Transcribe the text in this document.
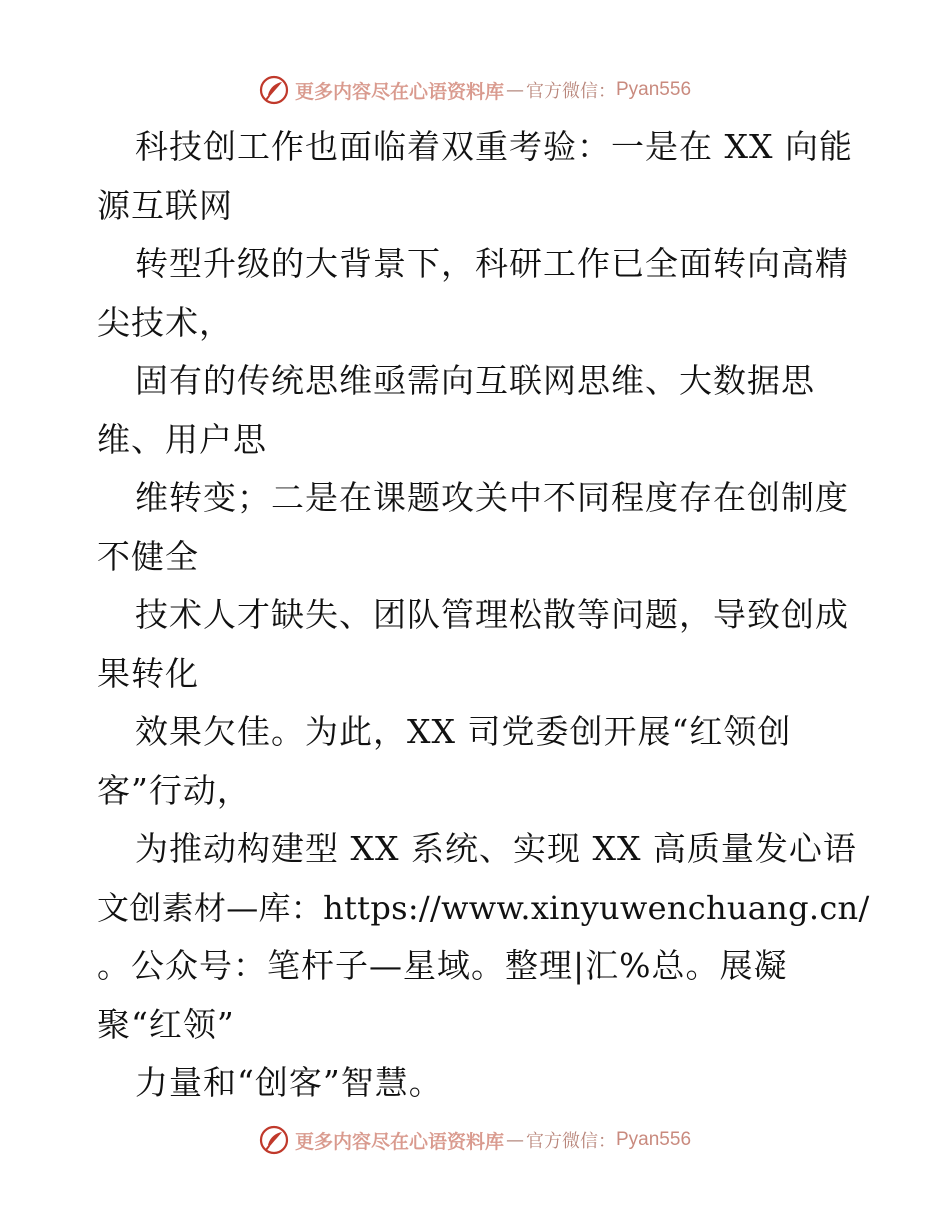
更多内容尽在心语资料库 — 官方微信： Pyan556
科技创工作也面临着双重考验：一是在 XX 向能
源互联网
转型升级的大背景下，科研工作已全面转向高精
尖技术，
固有的传统思维亟需向互联网思维、大数据思
维、用户思
维转变；二是在课题攻关中不同程度存在创制度
不健全
技术人才缺失、团队管理松散等问题，导致创成
果转化
效果欠佳。为此，XX 司党委创开展“红领创
客”行动，
为推动构建型 XX 系统、实现 XX 高质量发心语
文创素材—库：https://www.xinyuwenchuang.cn/
。公众号：笔杆子—星域。整理|汇%总。展凝
聚“红领”
力量和“创客”智慧。
更多内容尽在心语资料库 — 官方微信： Pyan556
